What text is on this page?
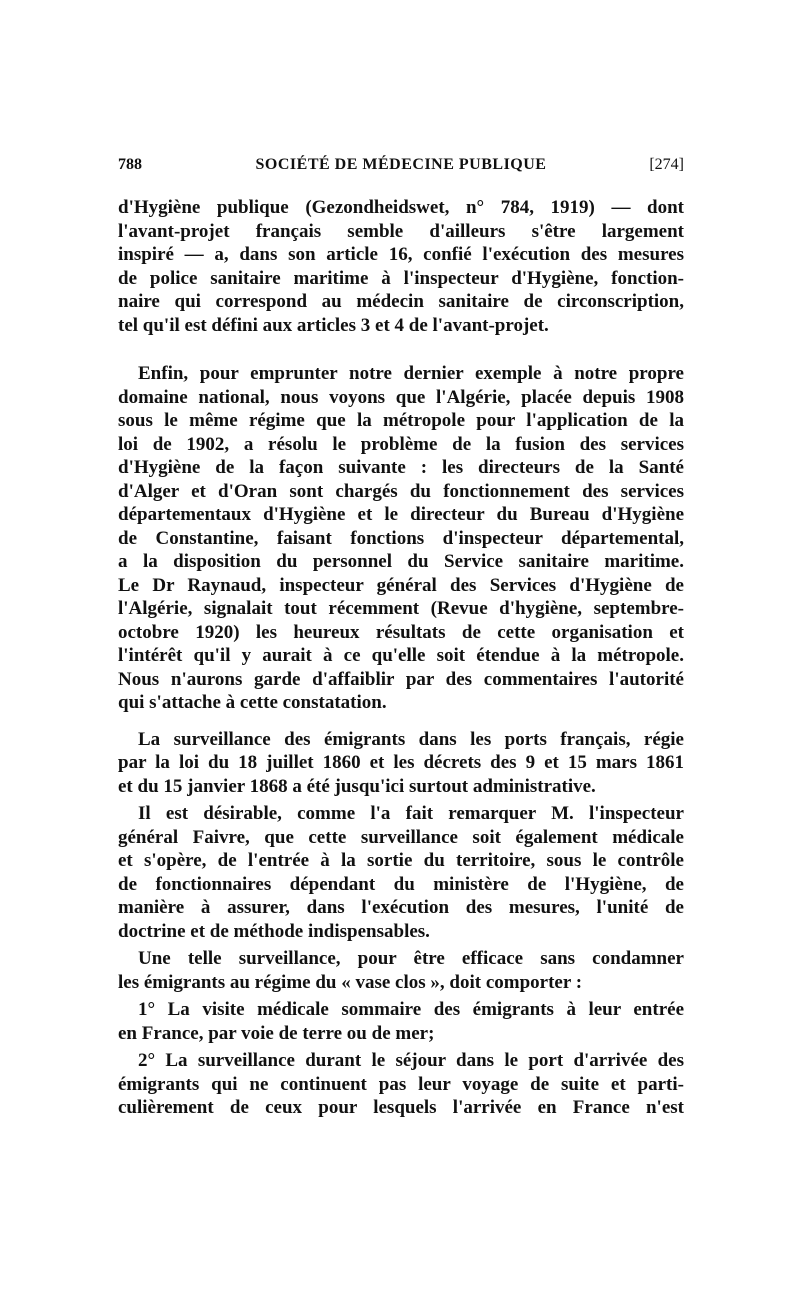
788	SOCIÉTÉ DE MÉDECINE PUBLIQUE	[274]
d'Hygiène publique (Gezondheidswet, n° 784, 1919) — dont
l'avant-projet français semble d'ailleurs s'être largement
inspiré — a, dans son article 16, confié l'exécution des mesures
de police sanitaire maritime à l'inspecteur d'Hygiène, fonction-
naire qui correspond au médecin sanitaire de circonscription,
tel qu'il est défini aux articles 3 et 4 de l'avant-projet.
Enfin, pour emprunter notre dernier exemple à notre propre
domaine national, nous voyons que l'Algérie, placée depuis 1908
sous le même régime que la métropole pour l'application de la
loi de 1902, a résolu le problème de la fusion des services
d'Hygiène de la façon suivante : les directeurs de la Santé
d'Alger et d'Oran sont chargés du fonctionnement des services
départementaux d'Hygiène et le directeur du Bureau d'Hygiène
de Constantine, faisant fonctions d'inspecteur départemental,
a la disposition du personnel du Service sanitaire maritime.
Le Dr Raynaud, inspecteur général des Services d'Hygiène de
l'Algérie, signalait tout récemment (Revue d'hygiène, septembre-
octobre 1920) les heureux résultats de cette organisation et
l'intérêt qu'il y aurait à ce qu'elle soit étendue à la métropole.
Nous n'aurons garde d'affaiblir par des commentaires l'autorité
qui s'attache à cette constatation.
La surveillance des émigrants dans les ports français, régie
par la loi du 18 juillet 1860 et les décrets des 9 et 15 mars 1861
et du 15 janvier 1868 a été jusqu'ici surtout administrative.
Il est désirable, comme l'a fait remarquer M. l'inspecteur
général Faivre, que cette surveillance soit également médicale
et s'opère, de l'entrée à la sortie du territoire, sous le contrôle
de fonctionnaires dépendant du ministère de l'Hygiène, de
manière à assurer, dans l'exécution des mesures, l'unité de
doctrine et de méthode indispensables.
Une telle surveillance, pour être efficace sans condamner
les émigrants au régime du « vase clos », doit comporter :
1° La visite médicale sommaire des émigrants à leur entrée
en France, par voie de terre ou de mer;
2° La surveillance durant le séjour dans le port d'arrivée des
émigrants qui ne continuent pas leur voyage de suite et parti-
culièrement de ceux pour lesquels l'arrivée en France n'est
